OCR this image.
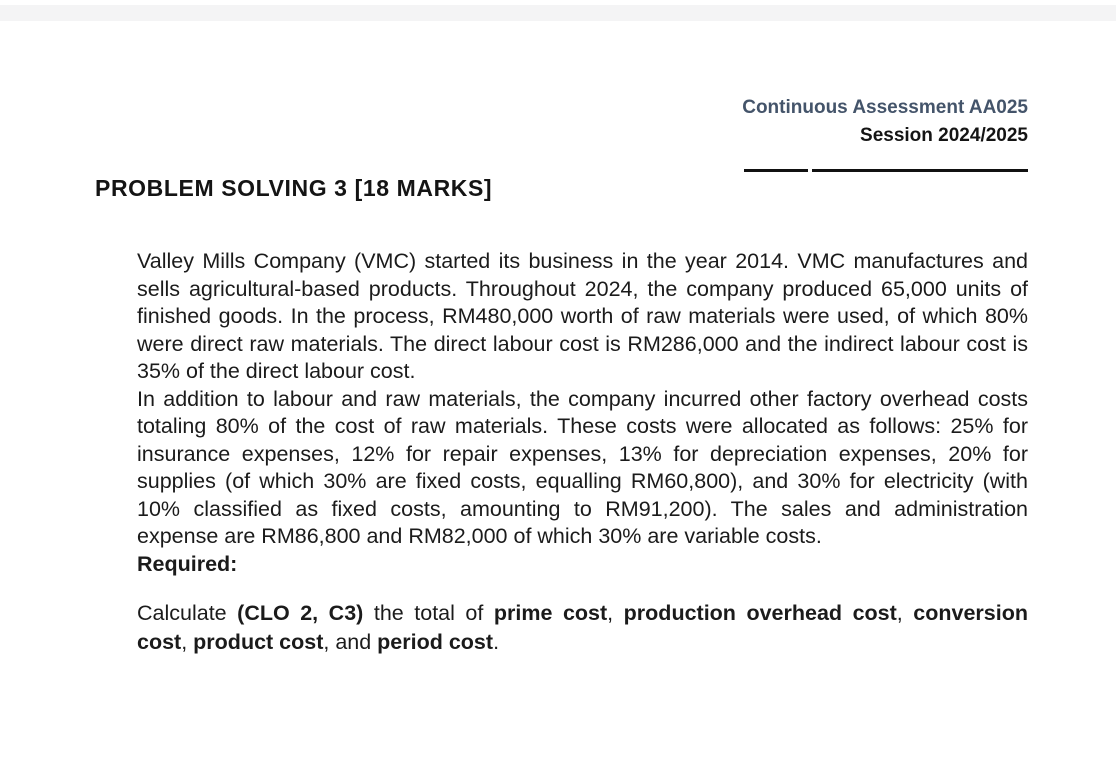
Continuous Assessment AA025
Session 2024/2025
PROBLEM SOLVING 3 [18 MARKS]

Valley Mills Company (VMC) started its business in the year 2014. VMC manufactures and sells agricultural-based products. Throughout 2024, the company produced 65,000 units of finished goods. In the process, RM480,000 worth of raw materials were used, of which 80% were direct raw materials. The direct labour cost is RM286,000 and the indirect labour cost is 35% of the direct labour cost.

In addition to labour and raw materials, the company incurred other factory overhead costs totaling 80% of the cost of raw materials. These costs were allocated as follows: 25% for insurance expenses, 12% for repair expenses, 13% for depreciation expenses, 20% for supplies (of which 30% are fixed costs, equalling RM60,800), and 30% for electricity (with 10% classified as fixed costs, amounting to RM91,200). The sales and administration expense are RM86,800 and RM82,000 of which 30% are variable costs.

Required:

Calculate (CLO 2, C3) the total of prime cost, production overhead cost, conversion cost, product cost, and period cost.
